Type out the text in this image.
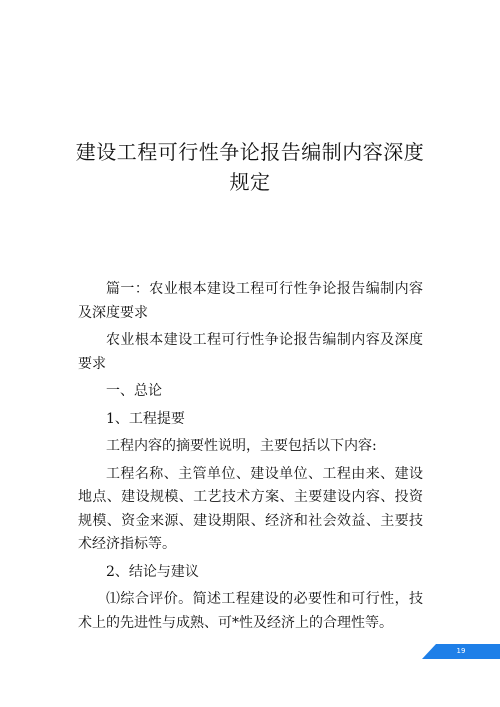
建设工程可行性争论报告编制内容深度
规定

篇一：农业根本建设工程可行性争论报告编制内容及深度要求

农业根本建设工程可行性争论报告编制内容及深度要求

一、总论

1、工程提要

工程内容的摘要性说明，主要包括以下内容:

工程名称、主管单位、建设单位、工程由来、建设地点、建设规模、工艺技术方案、主要建设内容、投资规模、资金来源、建设期限、经济和社会效益、主要技术经济指标等。

2、结论与建议

⑴综合评价。简述工程建设的必要性和可行性，技术上的先进性与成熟、可*性及经济上的合理性等。

19
